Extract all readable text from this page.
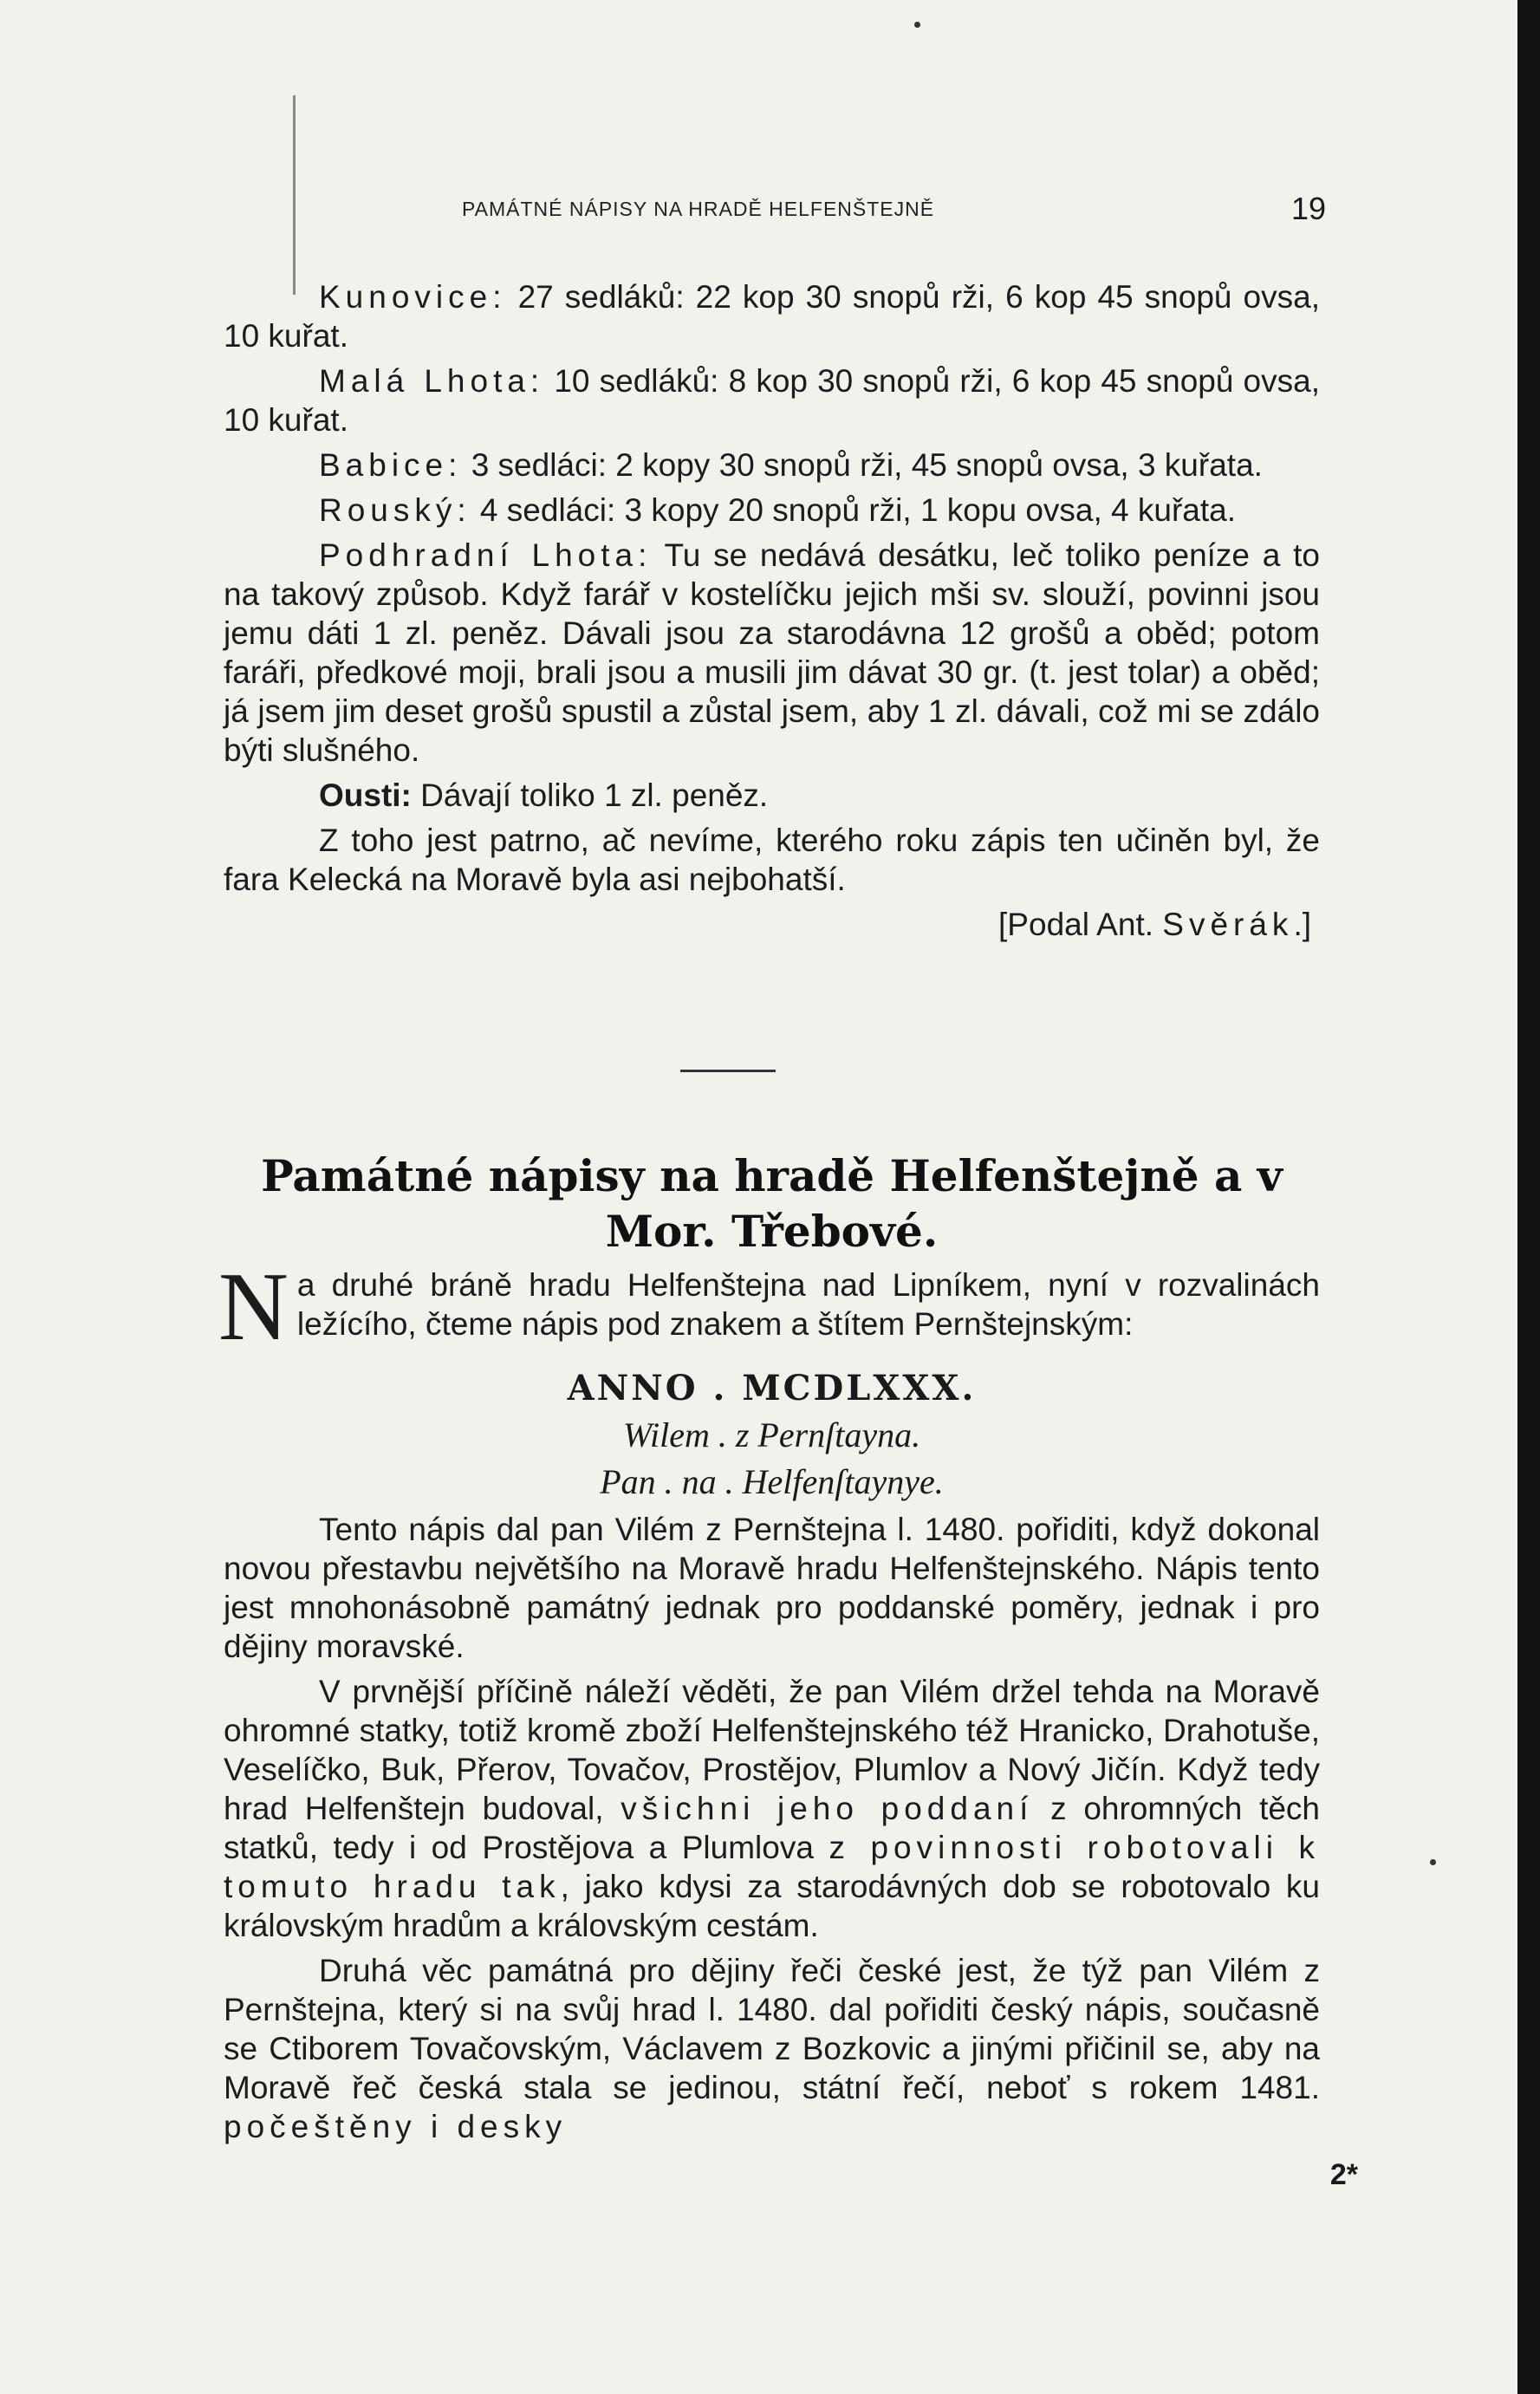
PAMÁTNÉ NÁPISY NA HRADĚ HELFENŠTEJNĚ	19

Kunovice: 27 sedláků: 22 kop 30 snopů rži, 6 kop 45 snopů ovsa, 10 kuřat.

Malá Lhota: 10 sedláků: 8 kop 30 snopů rži, 6 kop 45 snopů ovsa, 10 kuřat.

Babice: 3 sedláci: 2 kopy 30 snopů rži, 45 snopů ovsa, 3 kuřata.

Rouský: 4 sedláci: 3 kopy 20 snopů rži, 1 kopu ovsa, 4 kuřata.

Podhradní Lhota: Tu se nedává desátku, leč toliko peníze a to na takový způsob. Když farář v kostelíčku jejich mši sv. slouží, povinni jsou jemu dáti 1 zl. peněz. Dávali jsou za starodávna 12 grošů a oběd; potom faráři, předkové moji, brali jsou a musili jim dávat 30 gr. (t. jest tolar) a oběd; já jsem jim deset grošů spustil a zůstal jsem, aby 1 zl. dávali, což mi se zdálo býti slušného.

Ousti: Dávají toliko 1 zl. peněz.

Z toho jest patrno, ač nevíme, kterého roku zápis ten učiněn byl, že fara Kelecká na Moravě byla asi nejbohatší.

[Podal Ant. Svěrák.]

Památné nápisy na hradě Helfenštejně a v Mor. Třebové.

Na druhé bráně hradu Helfenštejna nad Lipníkem, nyní v rozvalinách ležícího, čteme nápis pod znakem a štítem Pernštejnským:

ANNO . MCDLXXX.
Wilem . z Pernſtayna.
Pan . na . Helfenſtaynye.

Tento nápis dal pan Vilém z Pernštejna l. 1480. pořiditi, když dokonal novou přestavbu největšího na Moravě hradu Helfenštejnského. Nápis tento jest mnohonásobně památný jednak pro poddanské poměry, jednak i pro dějiny moravské.

V prvnější příčině náleží věděti, že pan Vilém držel tehda na Moravě ohromné statky, totiž kromě zboží Helfenštejnského též Hranicko, Drahotuše, Veselíčko, Buk, Přerov, Tovačov, Prostějov, Plumlov a Nový Jičín. Když tedy hrad Helfenštejn budoval, všichni jeho poddaní z ohromných těch statků, tedy i od Prostějova a Plumlova z povinnosti robotovali k tomuto hradu tak, jako kdysi za starodávných dob se robotovalo ku královským hradům a královským cestám.

Druhá věc památná pro dějiny řeči české jest, že týž pan Vilém z Pernštejna, který si na svůj hrad l. 1480. dal pořiditi český nápis, současně se Ctiborem Tovačovským, Václavem z Bozkovic a jinými přičinil se, aby na Moravě řeč česká stala se jedinou, státní řečí, neboť s rokem 1481. počeštěny i desky

2*
